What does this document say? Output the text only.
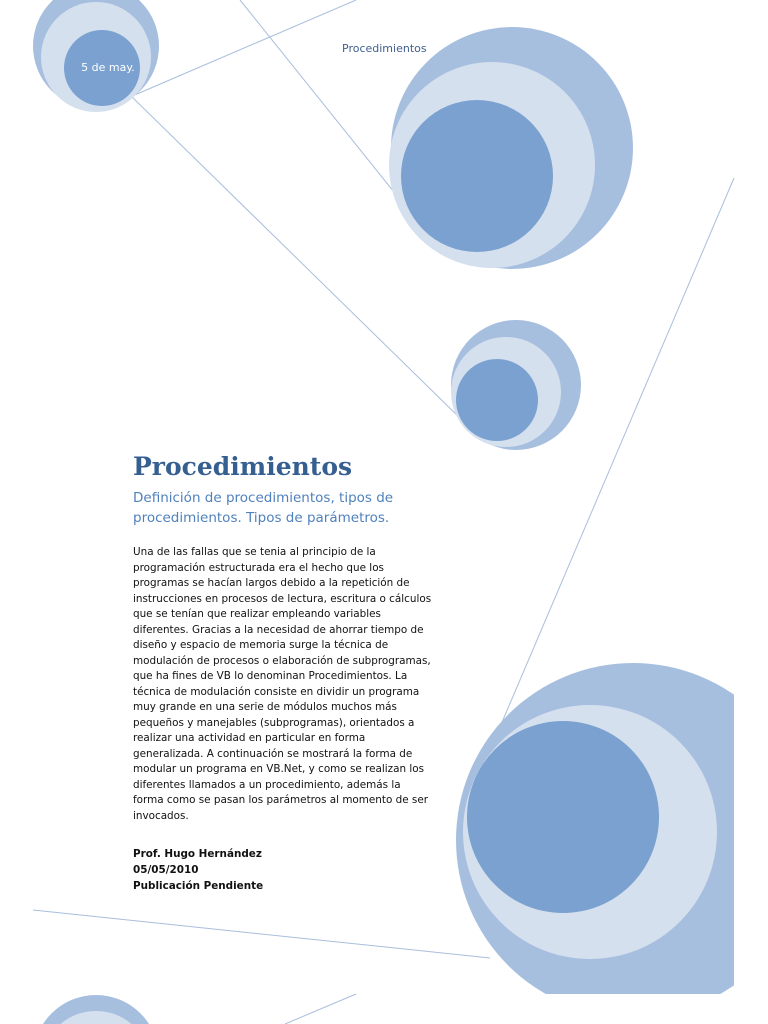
5 de may.
Procedimientos
Procedimientos

Definición de procedimientos, tipos de procedimientos. Tipos de parámetros.

Una de las fallas que se tenia al principio de la programación estructurada era el hecho que los programas se hacían largos debido a la repetición de instrucciones en procesos de lectura, escritura o cálculos que se tenían que realizar empleando variables diferentes. Gracias a la necesidad de ahorrar tiempo de diseño y espacio de memoria surge la técnica de modulación de procesos o elaboración de subprogramas, que ha fines de VB lo denominan Procedimientos. La técnica de modulación consiste en dividir un programa muy grande en una serie de módulos muchos más pequeños y manejables (subprogramas), orientados a realizar una actividad en particular en forma generalizada. A continuación se mostrará la forma de modular un programa en VB.Net, y como se realizan los diferentes llamados a un procedimiento, además la forma como se pasan los parámetros al momento de ser invocados.

Prof. Hugo Hernández
05/05/2010
Publicación Pendiente
